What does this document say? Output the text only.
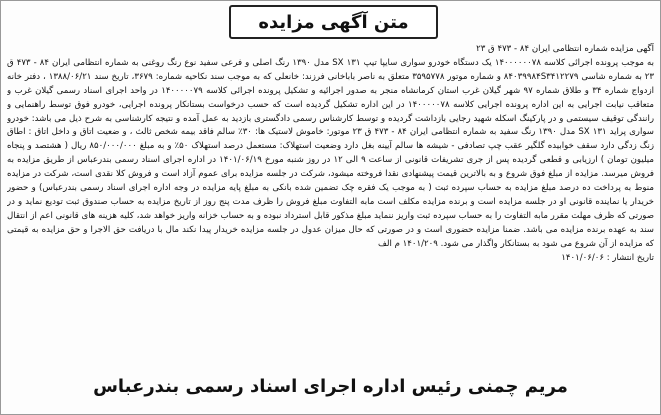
متن آگهی مزایده

آگهی مزایده شماره انتظامی ایران ۸۴ - ۴۷۳ ق ۲۳

به موجب پرونده اجرائی کلاسه ۱۴۰۰۰۰۰۰۷۸ یک دستگاه خودرو سواری سایپا تیپ ۱۳۱ SX مدل ۱۳۹۰ رنگ اصلی و فرعی سفید نوع رنگ روغنی به شماره انتظامی ایران ۸۴ - ۴۷۳ ق ۲۳ به شماره شاسی ۸۴۰۳۹۹۸۴S۳۴۱۲۲۷۹ و شماره موتور ۳۵۹۵۷۷۸ متعلق به ناصر باباخانی فرزند: خانعلی که به موجب سند نکاحیه شماره: ۳۶۷۹، تاریخ سند ۱۳۸۸/۰۶/۲۱ ، دفتر خانه ازدواج شماره ۳۴ و طلاق شماره ۹۷ شهر گیلان غرب استان کرمانشاه منجر به صدور اجرائیه و تشکیل پرونده اجرائی کلاسه ۱۴۰۰۰۰۰۷۹ در واحد اجرای اسناد رسمی گیلان غرب و متعاقب نیابت اجرایی به این اداره پرونده اجرایی کلاسه ۱۴۰۰۰۰۰۷۸ در این اداره تشکیل گردیده است که حسب درخواست بستانکار پرونده اجرایی، خودرو فوق توسط راهنمایی و رانندگی توقیف سیستمی و در پارکینگ اسکله شهید رجایی بازداشت گردیده و توسط کارشناس رسمی دادگستری بازدید به عمل آمده و نتیجه کارشناسی به شرح ذیل می باشد: خودرو سواری پراید ۱۳۱ SX مدل ۱۳۹۰ رنگ سفید به شماره انتظامی ایران ۸۴ - ۴۷۳ ق ۲۳ موتور: خاموش لاستیک ها: ۳۰٪ سالم فاقد بیمه شخص ثالث ، و ضعیت اتاق و داخل اتاق : اطاق زنگ زدگی دارد سقف خوابیده گلگیر عقب چپ تصادفی - شیشه ها سالم آیینه بغل دارد وضعیت استهلاک: مستعمل درصد استهلاک ۵۰٪ و به مبلغ ۸۵۰/۰۰۰/۰۰۰ ریال ( هشتصد و پنجاه میلیون تومان ) ارزیابی و قطعی گردیده پس از جری تشریفات قانونی از ساعت ۹ الی ۱۲ در روز شنبه مورخ ۱۴۰۱/۰۶/۱۹ در اداره اجرای اسناد رسمی بندرعباس از طریق مزایده به فروش میرسد. مزایده از مبلغ فوق شروع و به بالاترین قیمت پیشنهادی نقدا فروخته میشود، شرکت در جلسه مزایده برای عموم آزاد است و فروش کلا نقدی است، شرکت در مزایده منوط به پرداخت ده درصد مبلغ مزایده به حساب سپرده ثبت ( به موجب یک فقره چک تضمین شده بانکی به مبلغ پایه مزایده در وجه اداره اجرای اسناد رسمی بندرعباس) و حضور خریدار یا نماینده قانونی او در جلسه مزایده است و برنده مزایده مکلف است مابه التفاوت مبلغ فروش را ظرف مدت پنج روز از تاریخ مزایده به حساب صندوق ثبت تودیع نماید و در صورتی که ظرف مهلت مقرر مابه التفاوت را به حساب سپرده ثبت واریز ننماید مبلغ مذکور قابل استرداد نبوده و به حساب خزانه واریز خواهد شد، کلیه هزینه های قانونی اعم از انتقال سند به عهده برنده مزایده می باشد. ضمنا مزایده حضوری است و در صورتی که حال میزان عدول در جلسه مزایده خریدار پیدا نکند مال با دریافت حق الاجرا و حق مزایده به قیمتی که مزایده از آن شروع می شود به بستانکار واگذار می شود. ۱۴۰۱/۲۰۹ م الف

تاریخ انتشار : ۱۴۰۱/۰۶/۰۶

مریم چمنی رئیس اداره اجرای اسناد رسمی بندرعباس
